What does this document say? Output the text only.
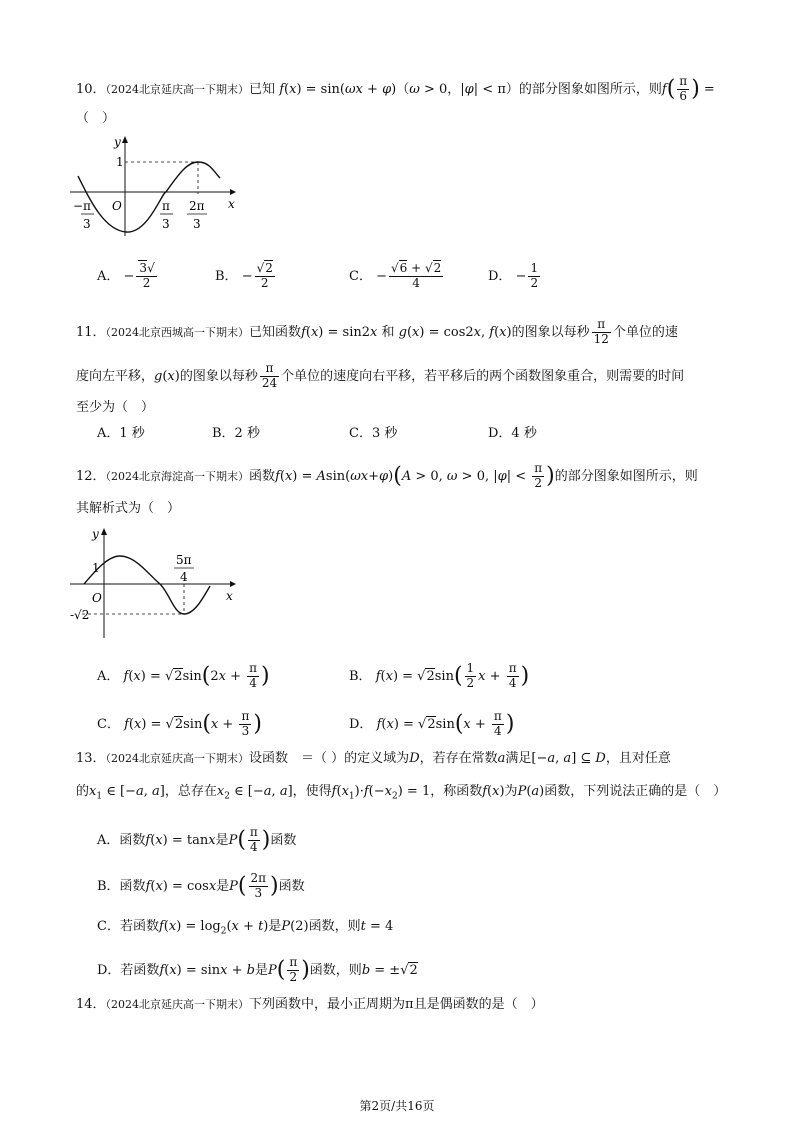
10．（2024北京延庆高一下期末）已知 f(x) = sin(ωx + φ)（ω > 0，|φ| < π）的部分图象如图所示，则$f( \frac{\pi}{6}$ ) =
（　）
y
x
O
1
− π
3
π
3
2π
3
A． − $\frac{3√}{2}$	B． − $\frac{√2}{2}$	C． − $\frac{√6 + √2}{4}$	D． − $\frac{1}{2}$
11．（2024北京西城高一下期末）已知函数f(x) = sin2x 和 g(x) = cos2x, f(x)的图象以每秒 $\frac{\pi}{12}$ 个单位的速
度向左平移，g(x)的图象以每秒 $\frac{\pi}{24}$ 个单位的速度向右平移，若平移后的两个函数图象重合，则需要的时间
至少为（　）
A．1 秒	B．2 秒	C．3 秒	D．4 秒
12．（2024北京海淀高一下期末）函数f(x) = Asin(ωx+φ)(A > 0, ω > 0, $|\varphi| < \frac{\pi}{2}$ )的部分图象如图所示，则
其解析式为（　）
y
x
O
1
5π
4
-√2
A． $f(x) = √2\sin(2x + \frac{\pi}{4}$ )	B． $f(x) = √2\sin( \frac{1}{2}$ $x + \frac{\pi}{4}$ )
C． $f(x) = √2\sin(x + \frac{\pi}{3}$ )	D． $f(x) = √2\sin(x + \frac{\pi}{4}$ )
13．（2024北京延庆高一下期末）设函数　＝（ ）的定义域为D，若存在常数a满足[−a, a] ⊆ D，且对任意
的$x_1$ ∈ [−a, a]，总存在$x_2$ ∈ [−a, a]，使得$f(x_1)\cdot f(-x_2) = 1$，称函数f(x)为P(a)函数，下列说法正确的是（　）
A．函数f(x) = tanx是$P( \frac{\pi}{4}$ )函数
B．函数f(x) = cosx是$P( \frac{2\pi}{3}$ )函数
C．若函数$f(x) = \log_2(x + t)$是P(2)函数，则t = 4
D．若函数f(x) = sinx + b是$P( \frac{\pi}{2}$ )函数，则b = ±√2
14．（2024北京延庆高一下期末）下列函数中，最小正周期为π且是偶函数的是（　）
第2页/共16页
